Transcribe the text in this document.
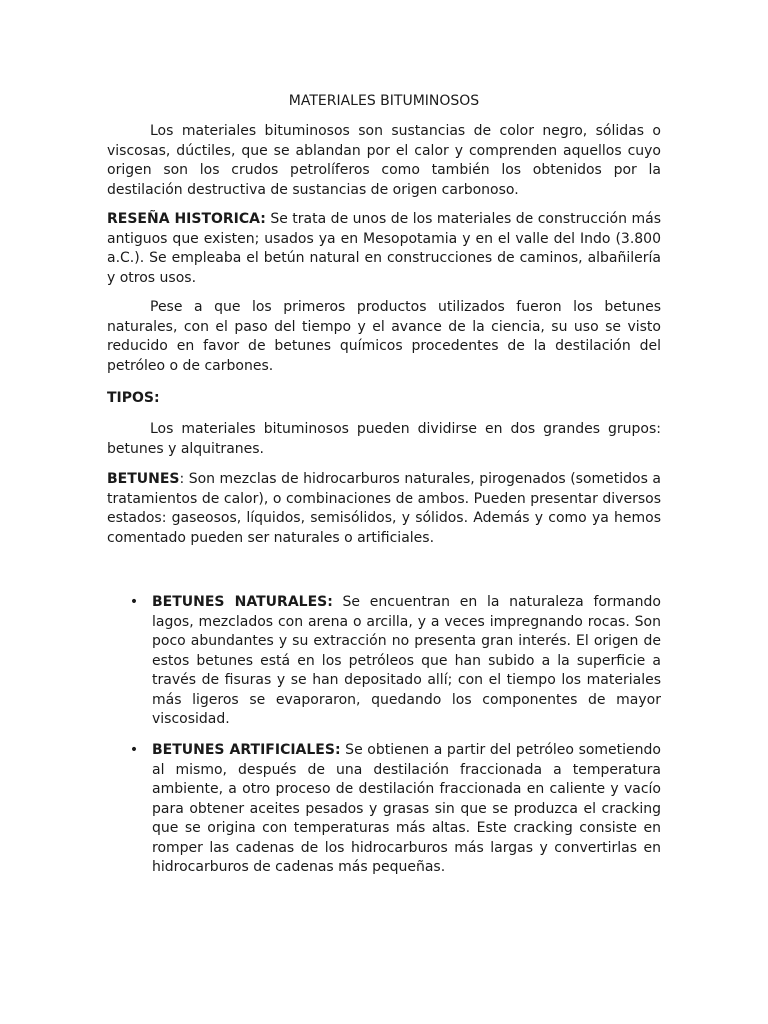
MATERIALES BITUMINOSOS

Los materiales bituminosos son sustancias de color negro, sólidas o viscosas, dúctiles, que se ablandan por el calor y comprenden aquellos cuyo origen son los crudos petrolíferos como también los obtenidos por la destilación destructiva de sustancias de origen carbonoso.

RESEÑA HISTORICA: Se trata de unos de los materiales de construcción más antiguos que existen; usados ya en Mesopotamia y en el valle del Indo (3.800 a.C.). Se empleaba el betún natural en construcciones de caminos, albañilería y otros usos.

Pese a que los primeros productos utilizados fueron los betunes naturales, con el paso del tiempo y el avance de la ciencia, su uso se visto reducido en favor de betunes químicos procedentes de la destilación del petróleo o de carbones.

TIPOS:

Los materiales bituminosos pueden dividirse en dos grandes grupos: betunes y alquitranes.

BETUNES: Son mezclas de hidrocarburos naturales, pirogenados (sometidos a tratamientos de calor), o combinaciones de ambos. Pueden presentar diversos estados: gaseosos, líquidos, semisólidos, y sólidos. Además y como ya hemos comentado pueden ser naturales o artificiales.

• BETUNES NATURALES: Se encuentran en la naturaleza formando lagos, mezclados con arena o arcilla, y a veces impregnando rocas. Son poco abundantes y su extracción no presenta gran interés. El origen de estos betunes está en los petróleos que han subido a la superficie a través de fisuras y se han depositado allí; con el tiempo los materiales más ligeros se evaporaron, quedando los componentes de mayor viscosidad.

• BETUNES ARTIFICIALES: Se obtienen a partir del petróleo sometiendo al mismo, después de una destilación fraccionada a temperatura ambiente, a otro proceso de destilación fraccionada en caliente y vacío para obtener aceites pesados y grasas sin que se produzca el cracking que se origina con temperaturas más altas. Este cracking consiste en romper las cadenas de los hidrocarburos más largas y convertirlas en hidrocarburos de cadenas más pequeñas.
